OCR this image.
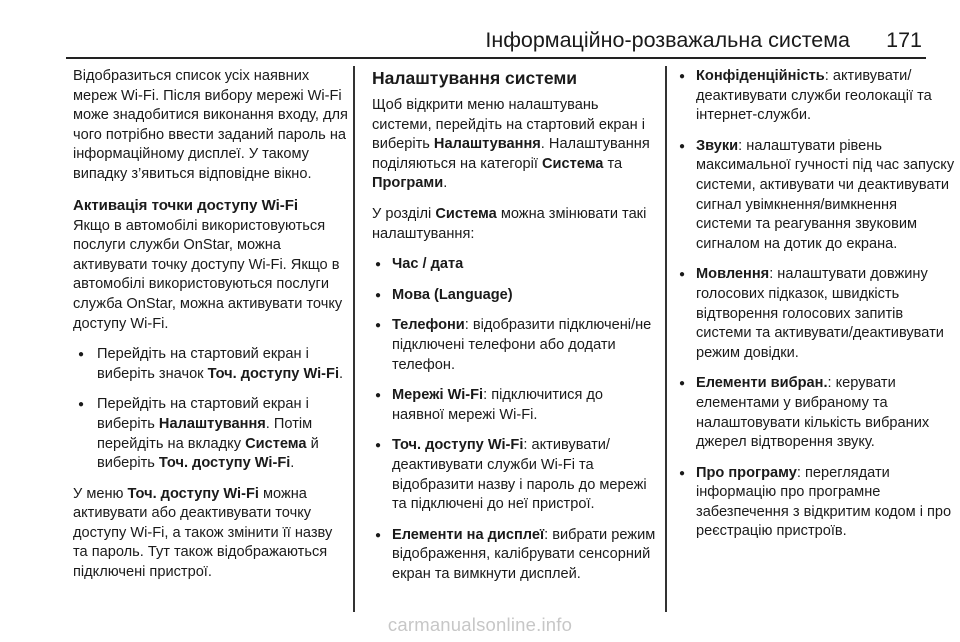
Інформаційно-розважальна система 171

Відобразиться список усіх наявних мереж Wi-Fi. Після вибору мережі Wi-Fi може знадобитися виконання входу, для чого потрібно ввести заданий пароль на інформаційному дисплеї. У такому випадку з’явиться відповідне вікно.

Активація точки доступу Wi-Fi

Якщо в автомобілі використовуються послуги служби OnStar, можна активувати точку доступу Wi-Fi. Якщо в автомобілі використовуються послуги служба OnStar, можна активувати точку доступу Wi-Fi.

● Перейдіть на стартовий екран і виберіть значок Точ. доступу Wi-Fi.
● Перейдіть на стартовий екран і виберіть Налаштування. Потім перейдіть на вкладку Система й виберіть Точ. доступу Wi-Fi.

У меню Точ. доступу Wi-Fi можна активувати або деактивувати точку доступу Wi-Fi, а також змінити її назву та пароль. Тут також відображаються підключені пристрої.

Налаштування системи

Щоб відкрити меню налаштувань системи, перейдіть на стартовий екран і виберіть Налаштування. Налаштування поділяються на категорії Система та Програми.

У розділі Система можна змінювати такі налаштування:

● Час / дата
● Мова (Language)
● Телефони: відобразити підключені/не підключені телефони або додати телефон.
● Мережі Wi-Fi: підключитися до наявної мережі Wi-Fi.
● Точ. доступу Wi-Fi: активувати/деактивувати служби Wi-Fi та відобразити назву і пароль до мережі та підключені до неї пристрої.
● Елементи на дисплеї: вибрати режим відображення, калібрувати сенсорний екран та вимкнути дисплей.
● Конфіденційність: активувати/деактивувати служби геолокації та інтернет-служби.
● Звуки: налаштувати рівень максимальної гучності під час запуску системи, активувати чи деактивувати сигнал увімкнення/вимкнення системи та реагування звуковим сигналом на дотик до екрана.
● Мовлення: налаштувати довжину голосових підказок, швидкість відтворення голосових запитів системи та активувати/деактивувати режим довідки.
● Елементи вибран.: керувати елементами у вибраному та налаштовувати кількість вибраних джерел відтворення звуку.
● Про програму: переглядати інформацію про програмне забезпечення з відкритим кодом і про реєстрацію пристроїв.
carmanualsonline.info
